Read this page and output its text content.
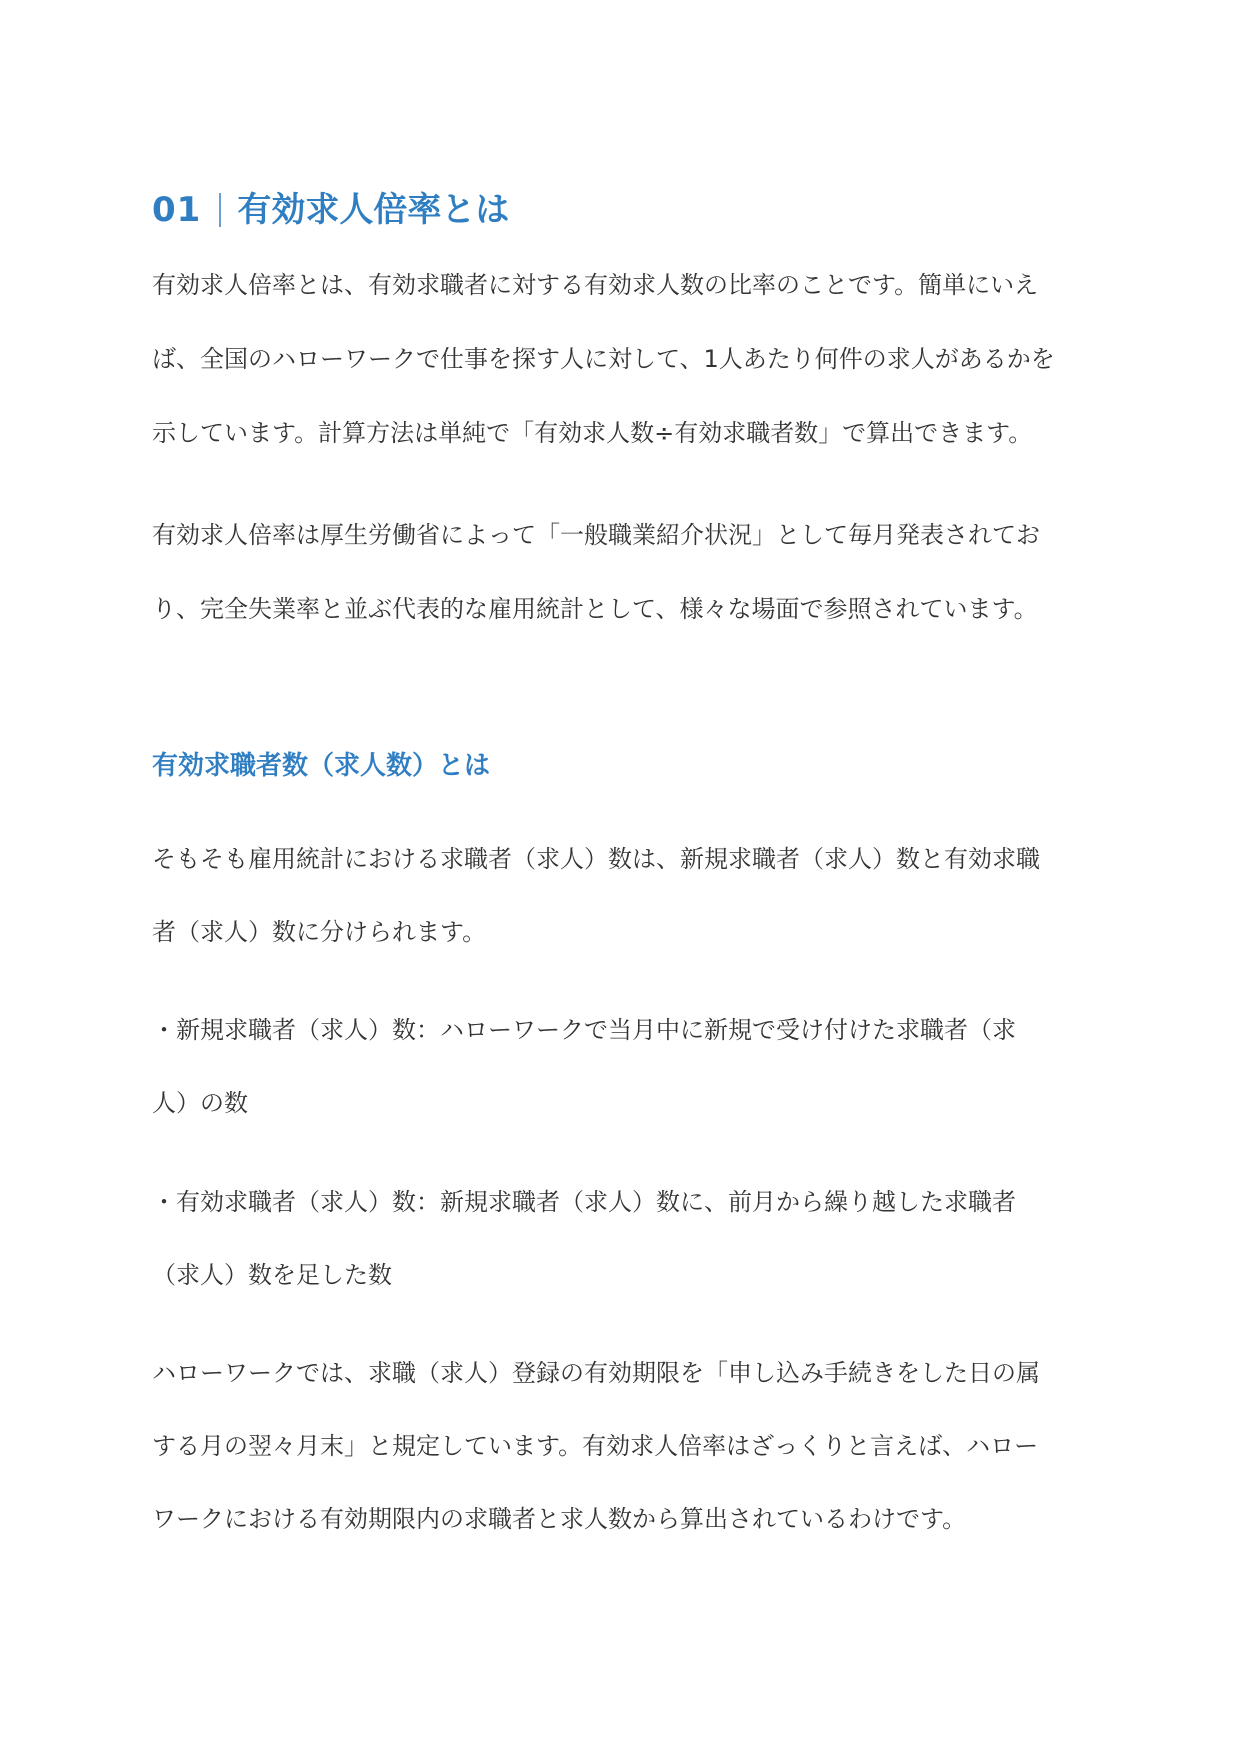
01 有効求人倍率とは
有効求人倍率とは、有効求職者に対する有効求人数の比率のことです。簡単にいえ
ば、全国のハローワークで仕事を探す人に対して、1人あたり何件の求人があるかを
示しています。計算方法は単純で「有効求人数÷有効求職者数」で算出できます。
有効求人倍率は厚生労働省によって「一般職業紹介状況」として毎月発表されてお
り、完全失業率と並ぶ代表的な雇用統計として、様々な場面で参照されています。
有効求職者数（求人数）とは
そもそも雇用統計における求職者（求人）数は、新規求職者（求人）数と有効求職
者（求人）数に分けられます。
・新規求職者（求人）数：ハローワークで当月中に新規で受け付けた求職者（求
人）の数
・有効求職者（求人）数：新規求職者（求人）数に、前月から繰り越した求職者
（求人）数を足した数
ハローワークでは、求職（求人）登録の有効期限を「申し込み手続きをした日の属
する月の翌々月末」と規定しています。有効求人倍率はざっくりと言えば、ハロー
ワークにおける有効期限内の求職者と求人数から算出されているわけです。
